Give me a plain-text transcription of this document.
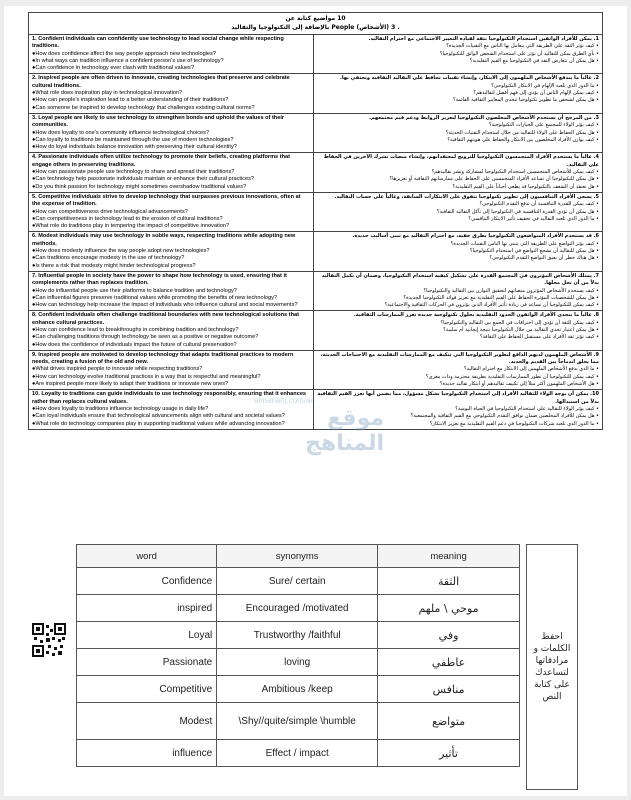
10 مواضيع كتابة عن
. 3 (الأشخاص) People بالإضافة إلى التكنولوجيا والتقاليد
1. Confident individuals can confidently use technology to lead social change while respecting traditions.
●How does confidence affect the way people approach new technologies?
●In what ways can tradition influence a confident person's use of technology?
●Can confidence in technology ever clash with traditional values?
1. يمكن للأفراد الواثقين استخدام التكنولوجيا بثقة لقيادة التغيير الاجتماعي مع احترام التقاليد.
• كيف تؤثر الثقة على الطريقة التي يتعامل بها الناس مع التقنيات الجديدة؟
• بأي الطرق يمكن للتقاليد أن تؤثر على استخدام الشخص الواثق للتكنولوجيا؟
• هل يمكن أن تتعارض الثقة في التكنولوجيا مع القيم التقليدية؟
2. Inspired people are often driven to innovate, creating technologies that preserve and celebrate cultural traditions.
●What role does inspiration play in technological innovation?
●How can people's inspiration lead to a better understanding of their traditions?
●Can someone be inspired to develop technology that challenges existing cultural norms?
2. غالباً ما يندفع الأشخاص الملهمون إلى الابتكار، وإنشاء تقنيات تحافظ على التقاليد الثقافية وتحتفي بها.
• ما الدور الذي يلعبه الإلهام في الابتكار التكنولوجي؟
• كيف يمكن لإلهام الناس أن يؤدي إلى فهم أفضل لتقاليدهم؟
• هل يمكن لشخص ما تطوير تكنولوجيا تتحدى المعايير الثقافية القائمة؟
3. Loyal people are likely to use technology to strengthen bonds and uphold the values of their communities.
●How does loyalty to one's community influence technological choices?
●Can loyalty to traditions be maintained through the use of modern technologies?
●How do loyal individuals balance innovation with preserving their cultural identity?
3. من المرجح أن يستخدم الأشخاص المخلصون التكنولوجيا لتعزيز الروابط ودعم قيم مجتمعهم.
• كيف يؤثر الولاء للمجتمع على الخيارات التكنولوجية؟
• هل يمكن الحفاظ على الولاء للتقاليد من خلال استخدام التقنيات الحديثة؟
• كيف يوازن الأفراد المخلصون بين الابتكار والحفاظ على هويتهم الثقافية؟
4. Passionate individuals often utilize technology to promote their beliefs, creating platforms that engage others in preserving traditions.
●How can passionate people use technology to share and spread their traditions?
●Can technology help passionate individuals maintain or enhance their cultural practices?
●Do you think passion for technology might sometimes overshadow traditional values?
4. غالباً ما يستخدم الأفراد المتحمسون التكنولوجيا للترويج لمعتقداتهم، وإنشاء منصات تشرك الآخرين في الحفاظ على التقاليد.
• كيف يمكن للأشخاص المتحمسين استخدام التكنولوجيا لمشاركة ونشر تقاليدهم؟
• هل يمكن للتكنولوجيا أن تساعد الأفراد المتحمسين على الحفاظ على ممارساتهم الثقافية أو تعزيزها؟
• هل تعتقد أن الشغف بالتكنولوجيا قد يطغى أحياناً على القيم التقليدية؟
5. Competitive individuals strive to develop technology that surpasses previous innovations, often at the expense of tradition.
●How can competitiveness drive technological advancements?
●Can competitiveness in technology lead to the erosion of cultural traditions?
●What role do traditions play in tempering the impact of competitive innovation?
5. يسعى الأفراد التنافسيون إلى تطوير تكنولوجيا تتفوق على الابتكارات السابقة، وغالباً على حساب التقاليد.
• كيف يمكن للقدرة التنافسية أن تدفع التقدم التكنولوجي؟
• هل يمكن أن تؤدي القدرة التنافسية في التكنولوجيا إلى تآكل التقاليد الثقافية؟
• ما الدور الذي تلعبه التقاليد في تخفيف تأثير الابتكار التنافسي؟
6. Modest individuals may use technology in subtle ways, respecting traditions while adopting new methods.
●How does modesty influence the way people adopt new technologies?
●Can traditions encourage modesty in the use of technology?
●Is there a risk that modesty might hinder technological progress?
6. قد يستخدم الأفراد المتواضعون التكنولوجيا بطرق خفية، مع احترام التقاليد مع تبني أساليب جديدة.
• كيف يؤثر التواضع على الطريقة التي يتبنى بها الناس التقنيات الجديدة؟
• هل يمكن للتقاليد أن تشجع التواضع في استخدام التكنولوجيا؟
• هل هناك خطر أن يعيق التواضع التقدم التكنولوجي؟
7. Influential people in society have the power to shape how technology is used, ensuring that it complements rather than replaces tradition.
●How do influential people use their platforms to balance tradition and technology?
●Can influential figures preserve traditional values while promoting the benefits of new technology?
●How can technology help increase the impact of individuals who influence cultural and social movements?
7. يمتلك الأشخاص المؤثرون في المجتمع القدرة على تشكيل كيفية استخدام التكنولوجيا، وضمان أن تكمل التقاليد بدلاً من أن تحل محلها.
• كيف يستخدم الأشخاص المؤثرون منصاتهم لتحقيق التوازن بين التقاليد والتكنولوجيا؟
• هل يمكن للشخصيات المؤثرة الحفاظ على القيم التقليدية مع تعزيز فوائد التكنولوجيا الجديدة؟
• كيف يمكن للتكنولوجيا أن تساعد في زيادة تأثير الأفراد الذين يؤثرون في الحركات الثقافية والاجتماعية؟
8. Confident individuals often challenge traditional boundaries with new technological solutions that enhance cultural practices.
●How can confidence lead to breakthroughs in combining tradition and technology?
●Can challenging traditions through technology be seen as a positive or negative outcome?
●How does the confidence of individuals impact the future of cultural preservation?
8. غالباً ما يتحدى الأفراد الواثقون الحدود التقليدية بحلول تكنولوجية جديدة تعزز الممارسات الثقافية.
• كيف يمكن للثقة أن تؤدي إلى اختراقات في الجمع بين التقاليد والتكنولوجيا؟
• هل يمكن اعتبار تحدي التقاليد من خلال التكنولوجيا نتيجة إيجابية أم سلبية؟
• كيف تؤثر ثقة الأفراد على مستقبل الحفاظ على الثقافة؟
9. Inspired people are motivated to develop technology that adapts traditional practices to modern needs, creating a fusion of the old and new.
●What drives inspired people to innovate while respecting traditions?
●How can technology evolve traditional practices in a way that is respectful and meaningful?
●Are inspired people more likely to adapt their traditions or innovate new ones?
9. الأشخاص الملهمون لديهم الدافع لتطوير التكنولوجيا التي تتكيف مع الممارسات التقليدية مع الاحتياجات الحديثة، مما يخلق اندماجاً بين القديم والجديد.
• ما الذي يدفع الأشخاص الملهمين إلى الابتكار مع احترام التقاليد؟
• كيف يمكن للتكنولوجيا أن تطور الممارسات التقليدية بطريقة محترمة وذات مغزى؟
• هل الأشخاص الملهمون أكثر ميلاً إلى تكييف تقاليدهم أو ابتكار تقاليد جديدة؟
10. Loyalty to traditions can guide individuals to use technology responsibly, ensuring that it enhances rather than replaces cultural values.
●How does loyalty to traditions influence technology usage in daily life?
●Can loyal individuals ensure that technological advancements align with cultural and societal values?
●What role do technology companies play in supporting traditional values while advancing innovation?
10. يمكن أن يوجه الولاء للتقاليد الأفراد إلى استخدام التكنولوجيا بشكل مسؤول، مما يضمن أنها تعزز القيم الثقافية بدلاً من استبدالها.
• كيف يؤثر الولاء للتقاليد على استخدام التكنولوجيا في الحياة اليومية؟
• هل يمكن للأفراد المخلصين ضمان توافق التقدم التكنولوجي مع القيم الثقافية والمجتمعية؟
• ما الدور الذي تلعبه شركات التكنولوجيا في دعم القيم التقليدية مع تعزيز الابتكار؟
almanahj.com/ae
موقع المناهج
word	synonyms	meaning
Confidence	Sure/ certain	الثقة
inspired	Encouraged /motivated	موحي \ ملهم
Loyal	Trustworthy /faithful	وفي
Passionate	loving	عاطفي
Competitive	Ambitious /keep	منافس
Modest	\Shy//quite/simple \humble	متواضع
influence	Effect / impact	تأثير
احفظ الكلمات و مرادفاتها لتساعدك على كتابة النص
